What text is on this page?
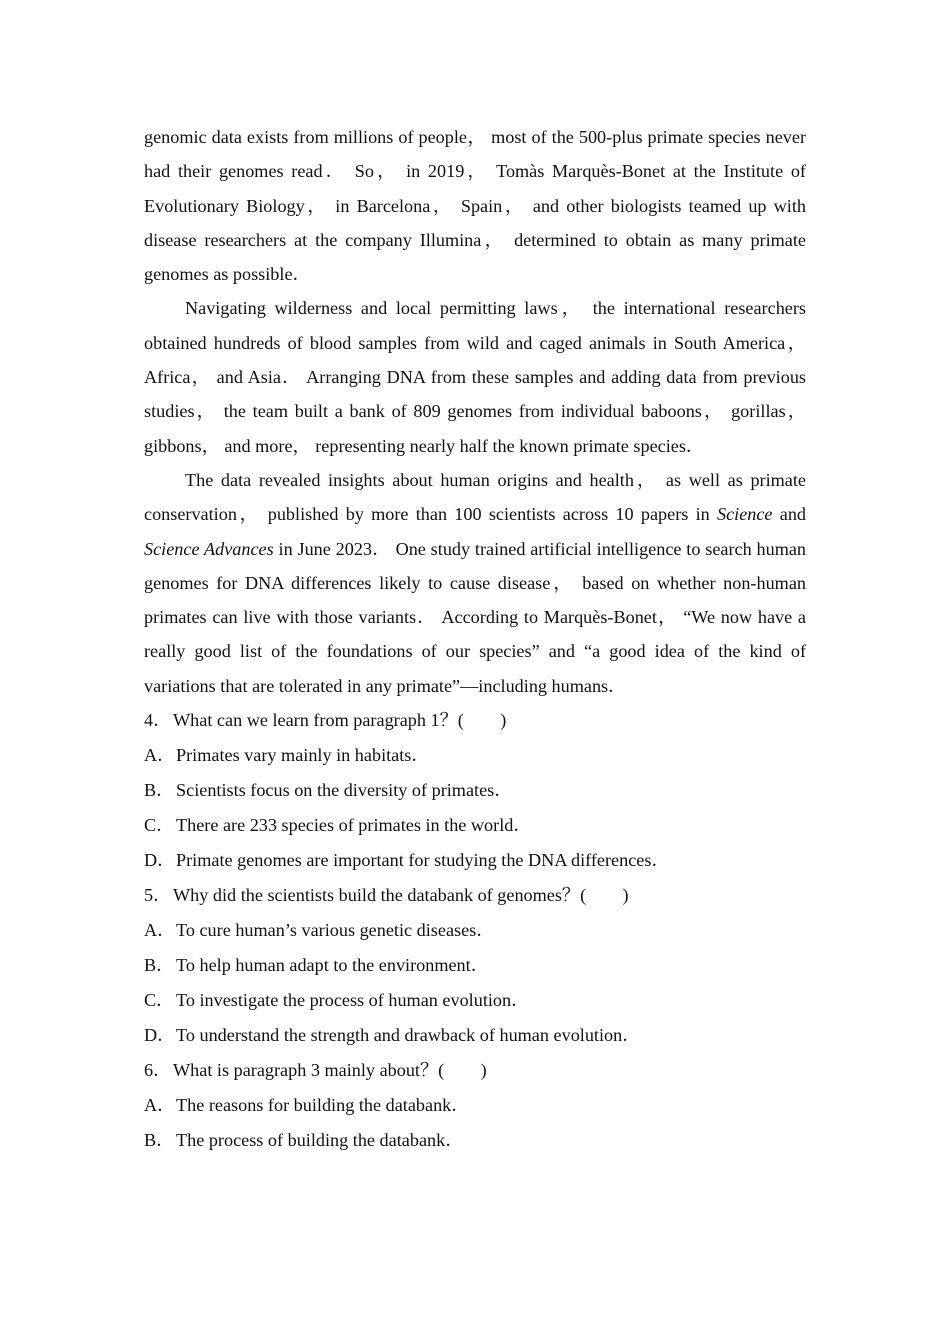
genomic data exists from millions of people， most of the 500-plus primate species never had their genomes read． So， in 2019， Tomàs Marquès-Bonet at the Institute of Evolutionary Biology， in Barcelona， Spain， and other biologists teamed up with disease researchers at the company Illumina， determined to obtain as many primate genomes as possible．

Navigating wilderness and local permitting laws， the international researchers obtained hundreds of blood samples from wild and caged animals in South America， Africa， and Asia． Arranging DNA from these samples and adding data from previous studies， the team built a bank of 809 genomes from individual baboons， gorillas， gibbons， and more， representing nearly half the known primate species．

The data revealed insights about human origins and health， as well as primate conservation， published by more than 100 scientists across 10 papers in Science and Science Advances in June 2023． One study trained artificial intelligence to search human genomes for DNA differences likely to cause disease， based on whether non-human primates can live with those variants． According to Marquès-Bonet， “We now have a really good list of the foundations of our species” and “a good idea of the kind of variations that are tolerated in any primate”—including humans．

4．What can we learn from paragraph 1？(        )

A．Primates vary mainly in habitats．

B．Scientists focus on the diversity of primates．

C．There are 233 species of primates in the world．

D．Primate genomes are important for studying the DNA differences．

5．Why did the scientists build the databank of genomes？(        )

A．To cure human’s various genetic diseases．

B．To help human adapt to the environment．

C．To investigate the process of human evolution．

D．To understand the strength and drawback of human evolution．

6．What is paragraph 3 mainly about？(        )

A．The reasons for building the databank．

B．The process of building the databank．
